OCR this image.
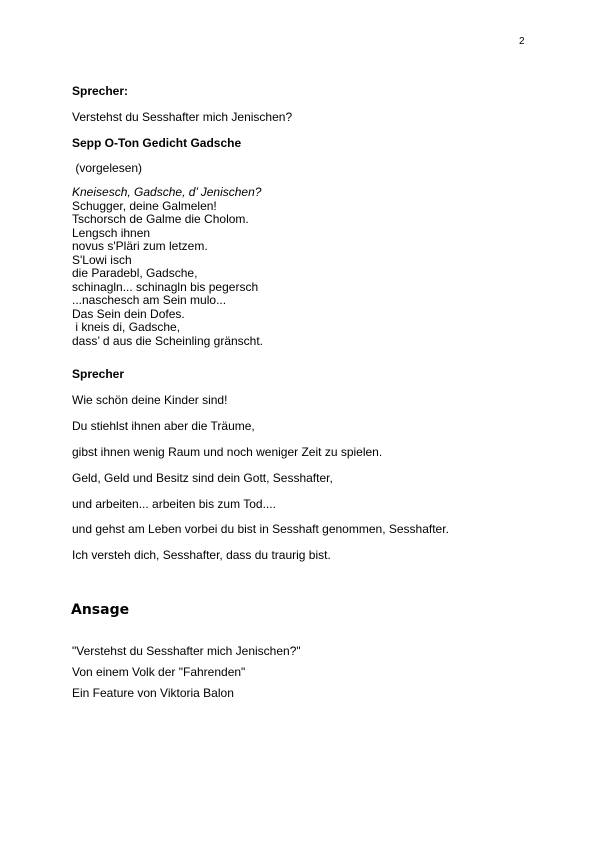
2
Sprecher:
Verstehst du Sesshafter mich Jenischen?
Sepp O-Ton Gedicht Gadsche
(vorgelesen)
Kneisesch, Gadsche, d’ Jenischen?
Schugger, deine Galmelen!
Tschorsch de Galme die Cholom.
Lengsch ihnen
novus s'Pläri zum letzem.
S'Lowi isch
die Paradebl, Gadsche,
schinagln... schinagln bis pegersch
...naschesch am Sein mulo...
Das Sein dein Dofes.
i kneis di, Gadsche,
dass’ d aus die Scheinling gränscht.
Sprecher
Wie schön deine Kinder sind!
Du stiehlst ihnen aber die Träume,
gibst ihnen wenig Raum und noch weniger Zeit zu spielen.
Geld, Geld und Besitz sind dein Gott, Sesshafter,
und arbeiten... arbeiten bis zum Tod....
und gehst am Leben vorbei du bist in Sesshaft genommen, Sesshafter.
Ich versteh dich, Sesshafter, dass du traurig bist.
Ansage
"Verstehst du Sesshafter mich Jenischen?"
Von einem Volk der "Fahrenden"
Ein Feature von Viktoria Balon
